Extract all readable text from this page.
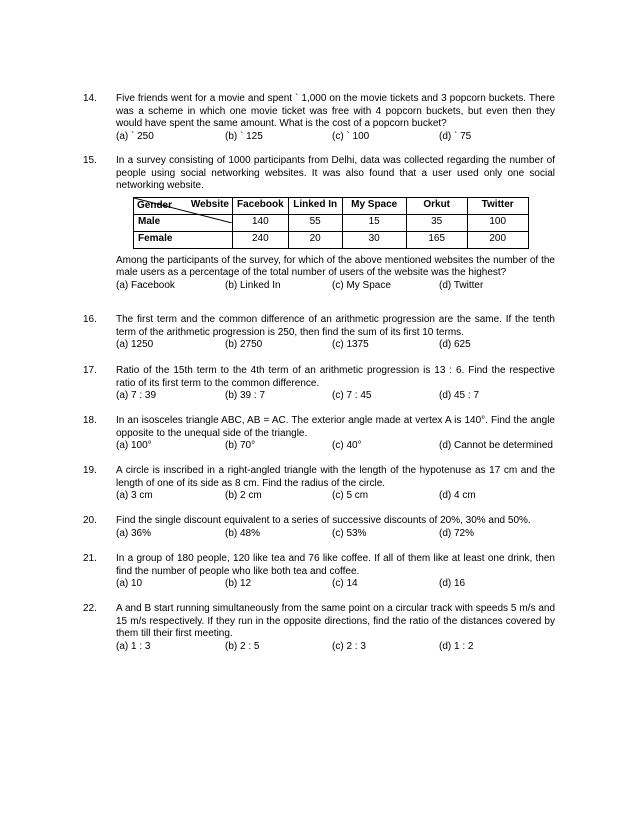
14. Five friends went for a movie and spent ` 1,000 on the movie tickets and 3 popcorn buckets. There was a scheme in which one movie ticket was free with 4 popcorn buckets, but even then they would have spent the same amount. What is the cost of a popcorn bucket?
(a) ` 250	(b) ` 125	(c) ` 100	(d) ` 75
15. In a survey consisting of 1000 participants from Delhi, data was collected regarding the number of people using social networking websites. It was also found that a user used only one social networking website.
Website
Gender	Facebook	Linked In	My Space	Orkut	Twitter
Male	140	55	15	35	100
Female	240	20	30	165	200
Among the participants of the survey, for which of the above mentioned websites the number of the male users as a percentage of the total number of users of the website was the highest?
(a) Facebook	(b) Linked In	(c) My Space	(d) Twitter
16. The first term and the common difference of an arithmetic progression are the same. If the tenth term of the arithmetic progression is 250, then find the sum of its first 10 terms.
(a) 1250	(b) 2750	(c) 1375	(d) 625
17. Ratio of the 15th term to the 4th term of an arithmetic progression is 13 : 6. Find the respective ratio of its first term to the common difference.
(a) 7 : 39	(b) 39 : 7	(c) 7 : 45	(d) 45 : 7
18. In an isosceles triangle ABC, AB = AC. The exterior angle made at vertex A is 140°. Find the angle opposite to the unequal side of the triangle.
(a) 100°	(b) 70°	(c) 40°	(d) Cannot be determined
19. A circle is inscribed in a right-angled triangle with the length of the hypotenuse as 17 cm and the length of one of its side as 8 cm. Find the radius of the circle.
(a) 3 cm	(b) 2 cm	(c) 5 cm	(d) 4 cm
20. Find the single discount equivalent to a series of successive discounts of 20%, 30% and 50%.
(a) 36%	(b) 48%	(c) 53%	(d) 72%
21. In a group of 180 people, 120 like tea and 76 like coffee. If all of them like at least one drink, then find the number of people who like both tea and coffee.
(a) 10	(b) 12	(c) 14	(d) 16
22. A and B start running simultaneously from the same point on a circular track with speeds 5 m/s and 15 m/s respectively. If they run in the opposite directions, find the ratio of the distances covered by them till their first meeting.
(a) 1 : 3	(b) 2 : 5	(c) 2 : 3	(d) 1 : 2
